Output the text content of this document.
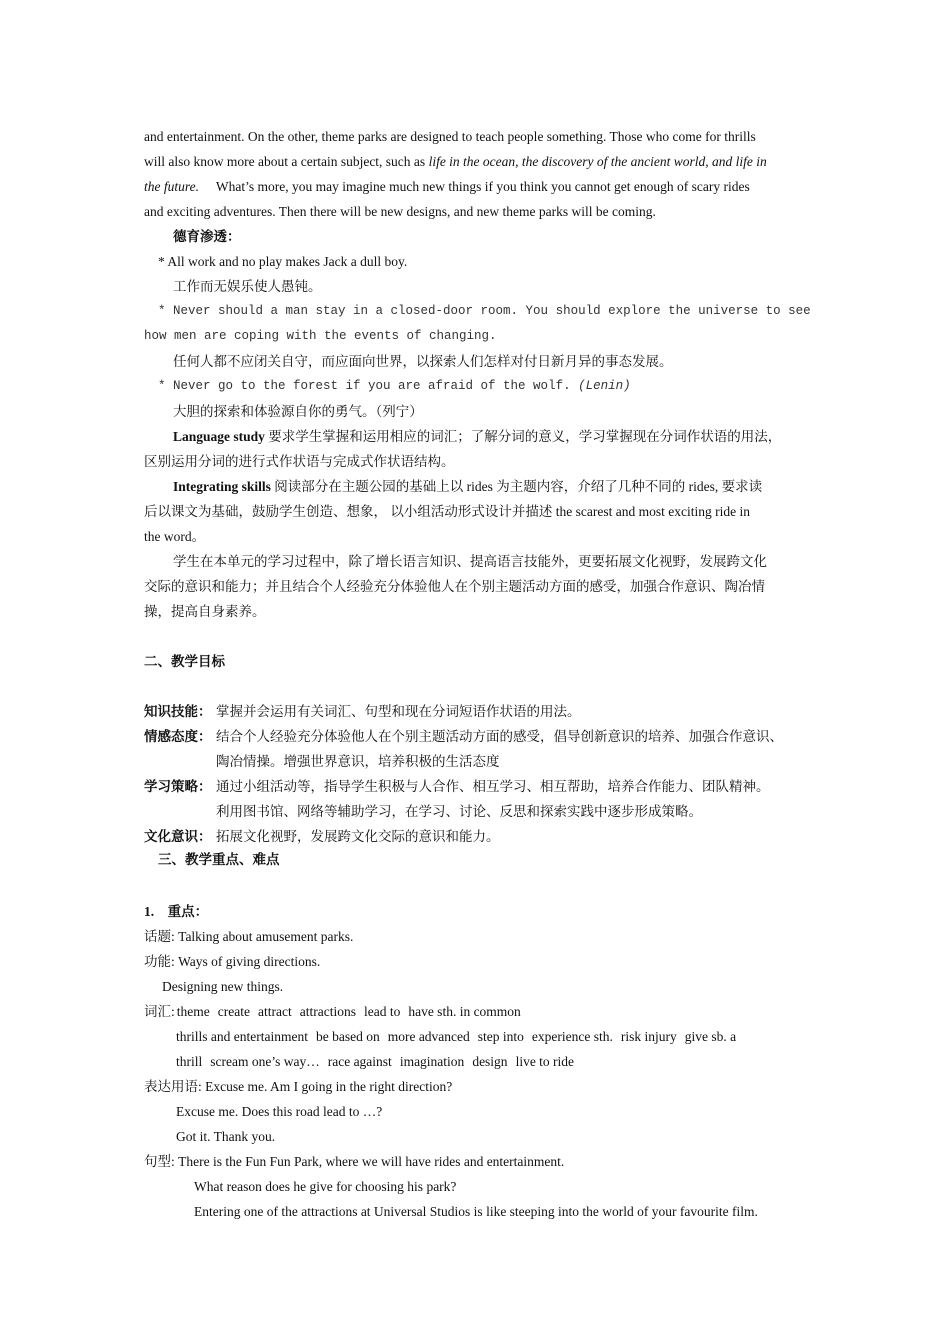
and entertainment. On the other, theme parks are designed to teach people something. Those who come for thrills
will also know more about a certain subject, such as life in the ocean, the discovery of the ancient world, and life in
the future. What’s more, you may imagine much new things if you think you cannot get enough of scary rides
and exciting adventures. Then there will be new designs, and new theme parks will be coming.
德育渗透：
* All work and no play makes Jack a dull boy.
工作而无娱乐使人愚钝。
* Never should a man stay in a closed-door room. You should explore the universe to see
how men are coping with the events of changing.
任何人都不应闭关自守，而应面向世界，以探索人们怎样对付日新月异的事态发展。
* Never go to the forest if you are afraid of the wolf. (Lenin)
大胆的探索和体验源自你的勇气。（列宁）
Language study 要求学生掌握和运用相应的词汇；了解分词的意义，学习掌握现在分词作状语的用法，
区别运用分词的进行式作状语与完成式作状语结构。
Integrating skills 阅读部分在主题公园的基础上以 rides 为主题内容，介绍了几种不同的 rides, 要求读
后以课文为基础，鼓励学生创造、想象， 以小组活动形式设计并描述 the scarest and most exciting ride in
the word。
学生在本单元的学习过程中，除了增长语言知识、提高语言技能外，更要拓展文化视野，发展跨文化
交际的意识和能力；并且结合个人经验充分体验他人在个别主题活动方面的感受，加强合作意识、陶冶情
操，提高自身素养。
二、教学目标
知识技能： 掌握并会运用有关词汇、句型和现在分词短语作状语的用法。
情感态度： 结合个人经验充分体验他人在个别主题活动方面的感受，倡导创新意识的培养、加强合作意识、
陶冶情操。增强世界意识，培养积极的生活态度
学习策略： 通过小组活动等，指导学生积极与人合作、相互学习、相互帮助，培养合作能力、团队精神。
利用图书馆、网络等辅助学习，在学习、讨论、反思和探索实践中逐步形成策略。
文化意识： 拓展文化视野，发展跨文化交际的意识和能力。
三、教学重点、难点
1.　重点：
话题: Talking about amusement parks.
功能: Ways of giving directions.
Designing new things.
词汇: theme create attract attractions lead to have sth. in common
thrills and entertainment be based on more advanced step into experience sth. risk injury give sb. a
thrill scream one’s way… race against imagination design live to ride
表达用语: Excuse me. Am I going in the right direction?
Excuse me. Does this road lead to …?
Got it. Thank you.
句型: There is the Fun Fun Park, where we will have rides and entertainment.
What reason does he give for choosing his park?
Entering one of the attractions at Universal Studios is like steeping into the world of your favourite film.
